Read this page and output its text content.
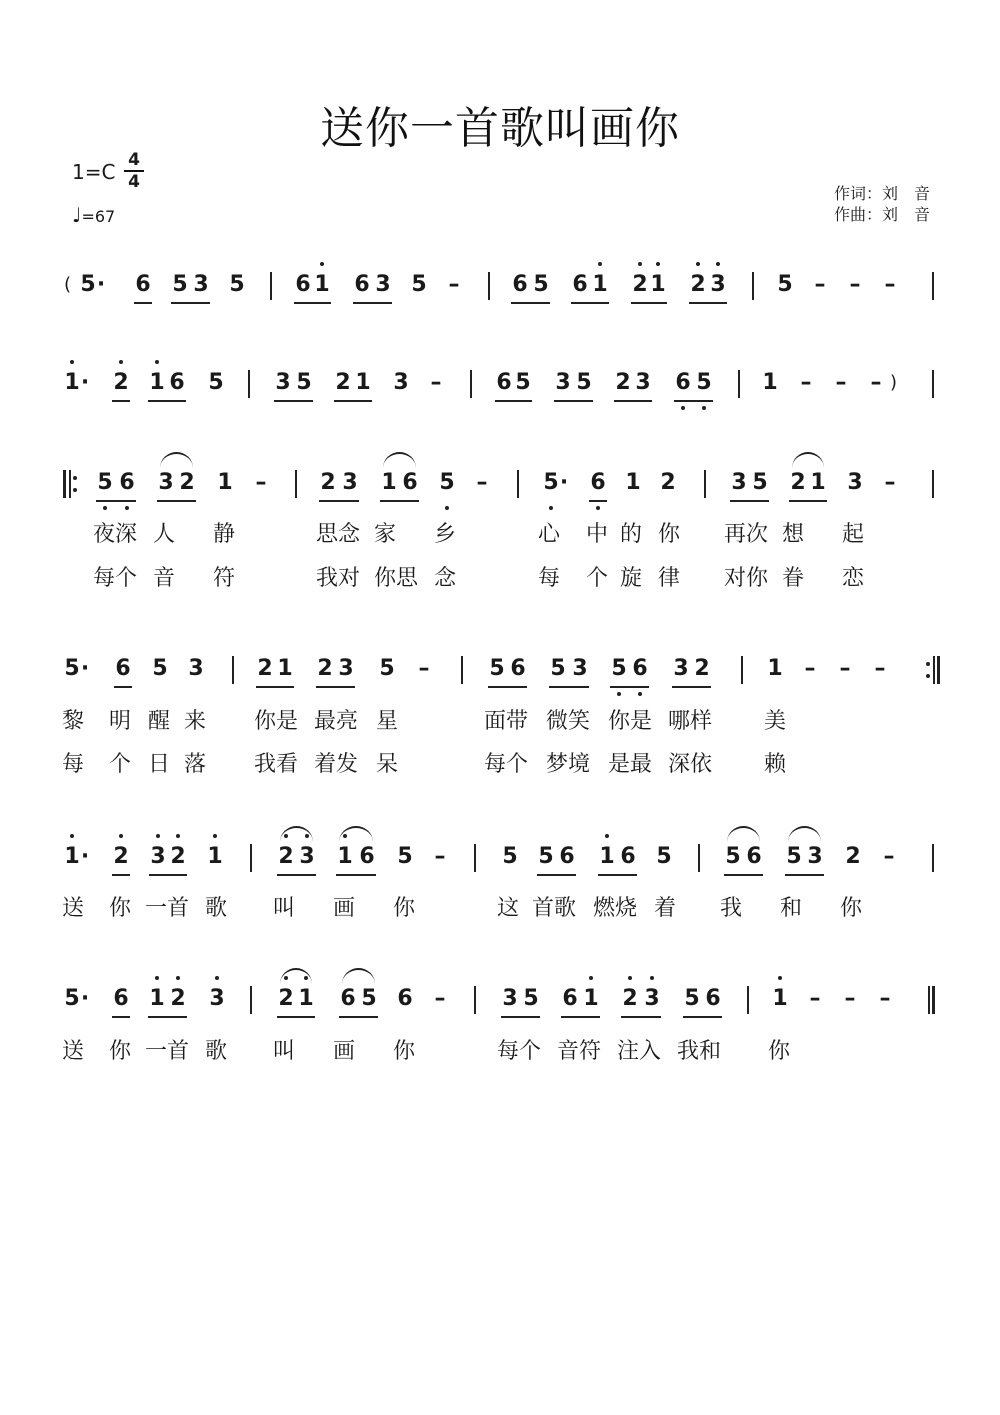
送你一首歌叫画你
1=C 4
4
♩=67
作词：刘　音
作曲：刘　音
5 · 6 5 3 5 6 1 6 3 5 – 6 5 6 1 2 1 2 3 5 – – –
(
1 · 2 1 6 5 3 5 2 1 3 – 6 5 3 5 2 3 6 5 1 – – – )
5 6 3 2 1 – 2 3 1 6 5 –	5 · 6 1 2	3 5 2 1 3 –
5 · 6 5 3 2 1 2 3 5 –	5 6 5 3 5 6 3 2	1 – – –
1 · 2 3 2 1	2 3 1 6 5 –	5 5 6 1 6 5 5 6 5 3 2 –
5 · 6 1 2 3 2 1 6 5 6 –	3 5 6 1 2 3 5 6 1 – – –
夜深 人 静	思念 家 乡	心 中 的 你 再次 想 起
每个 音 符	我对 你思 念	每 个 旋 律 对你 眷 恋
黎 明 醒 来 你是 最亮 星	面带 微笑 你是 哪样 美
每 个 日 落 我看 着发 呆	每个 梦境 是最 深依 赖
送 你 一首 歌 叫 画 你	这 首歌 燃烧 着 我 和 你
送 你 一首 歌 叫 画 你	每个 音符 注入 我和 你
